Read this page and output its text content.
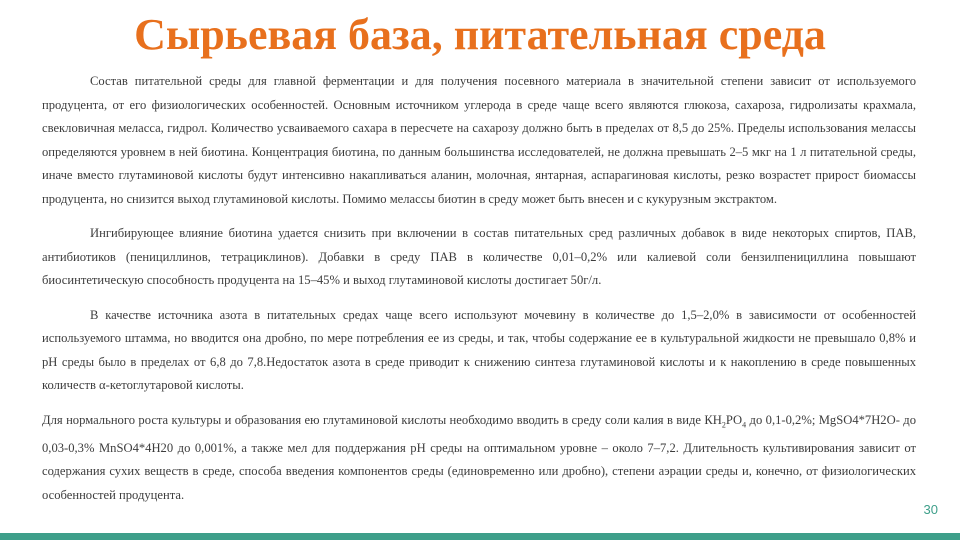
Сырьевая база, питательная среда

Состав питательной среды для главной ферментации и для получения посевного материала в значительной степени зависит от используемого продуцента, от его физиологических особенностей. Основным источником углерода в среде чаще всего являются глюкоза, сахароза, гидролизаты крахмала, свекловичная меласса, гидрол. Количество усваиваемого сахара в пересчете на сахарозу должно быть в пределах от 8,5 до 25%. Пределы использования мелассы определяются уровнем в ней биотина. Концентрация биотина, по данным большинства исследователей, не должна превышать 2–5 мкг на 1 л питательной среды, иначе вместо глутаминовой кислоты будут интенсивно накапливаться аланин, молочная, янтарная, аспарагиновая кислоты, резко возрастет прирост биомассы продуцента, но снизится выход глутаминовой кислоты. Помимо мелассы биотин в среду может быть внесен и с кукурузным экстрактом.

Ингибирующее влияние биотина удается снизить при включении в состав питательных сред различных добавок в виде некоторых спиртов, ПАВ, антибиотиков (пенициллинов, тетрациклинов). Добавки в среду ПАВ в количестве 0,01–0,2% или калиевой соли бензилпенициллина повышают биосинтетическую способность продуцента на 15–45% и выход глутаминовой кислоты достигает 50г/л.

В качестве источника азота в питательных средах чаще всего используют мочевину в количестве до 1,5–2,0% в зависимости от особенностей используемого штамма, но вводится она дробно, по мере потребления ее из среды, и так, чтобы содержание ее в культуральной жидкости не превышало 0,8% и pH среды было в пределах от 6,8 до 7,8.Недостаток азота в среде приводит к снижению синтеза глутаминовой кислоты и к накоплению в среде повышенных количеств α-кетоглутаровой кислоты.

Для нормального роста культуры и образования ею глутаминовой кислоты необходимо вводить в среду соли калия в виде $КН_2РО_4$ до 0,1-0,2%; MgSO4*7H2O- до 0,03-0,3% MnSO4*4H20 до 0,001%, а также мел для поддержания pH среды на оптимальном уровне – около 7–7,2. Длительность культивирования зависит от содержания сухих веществ в среде, способа введения компонентов среды (единовременно или дробно), степени аэрации среды и, конечно, от физиологических особенностей продуцента.

30
